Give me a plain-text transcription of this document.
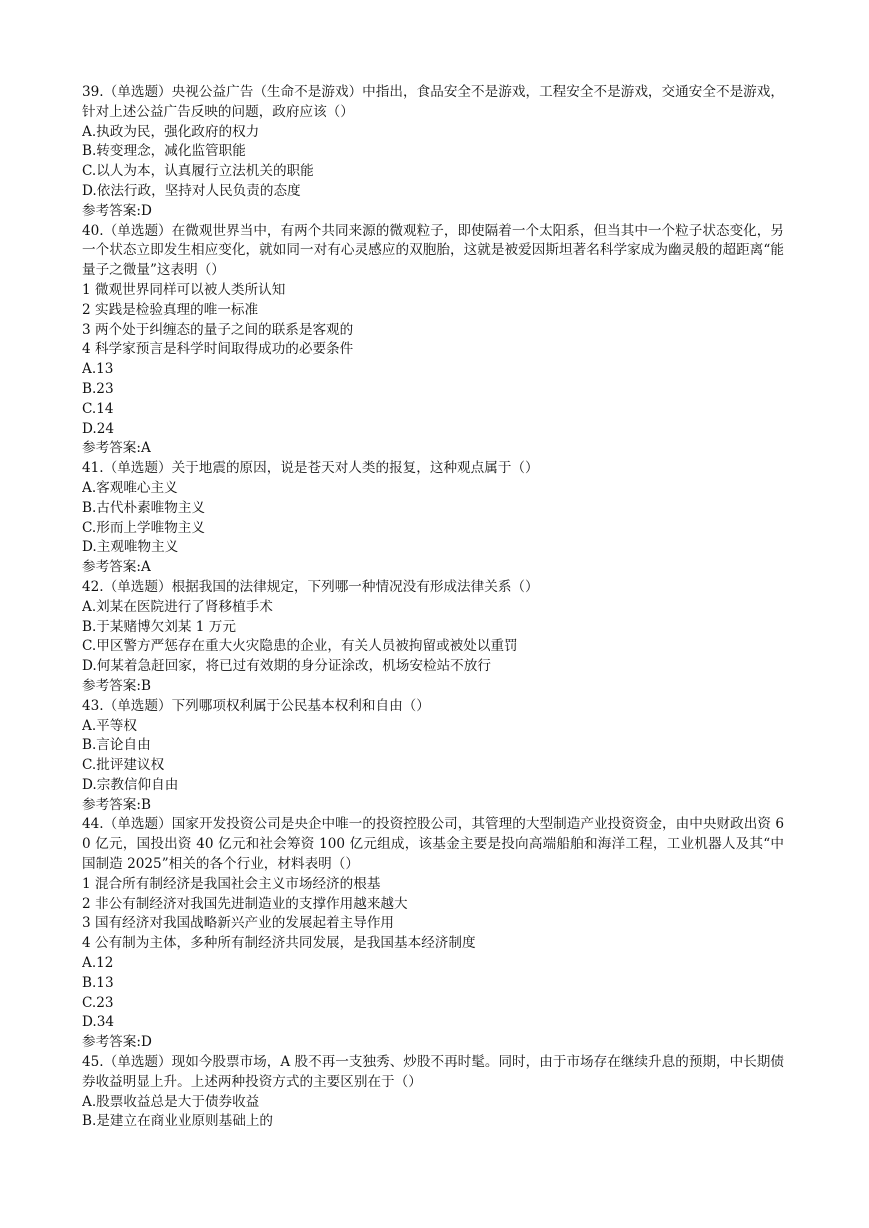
39.（单选题）央视公益广告（生命不是游戏）中指出，食品安全不是游戏，工程安全不是游戏，交通安全不是游戏，针对上述公益广告反映的问题，政府应该（）
A.执政为民，强化政府的权力
B.转变理念，减化监管职能
C.以人为本，认真履行立法机关的职能
D.依法行政，坚持对人民负责的态度
参考答案:D
40.（单选题）在微观世界当中，有两个共同来源的微观粒子，即使隔着一个太阳系，但当其中一个粒子状态变化，另一个状态立即发生相应变化，就如同一对有心灵感应的双胞胎，这就是被爱因斯坦著名科学家成为幽灵般的超距离“能量子之微量”这表明（）
1 微观世界同样可以被人类所认知
2 实践是检验真理的唯一标准
3 两个处于纠缠态的量子之间的联系是客观的
4 科学家预言是科学时间取得成功的必要条件
A.13
B.23
C.14
D.24
参考答案:A
41.（单选题）关于地震的原因，说是苍天对人类的报复，这种观点属于（）
A.客观唯心主义
B.古代朴素唯物主义
C.形而上学唯物主义
D.主观唯物主义
参考答案:A
42.（单选题）根据我国的法律规定，下列哪一种情况没有形成法律关系（）
A.刘某在医院进行了肾移植手术
B.于某赌博欠刘某 1 万元
C.甲区警方严惩存在重大火灾隐患的企业，有关人员被拘留或被处以重罚
D.何某着急赶回家，将已过有效期的身分证涂改，机场安检站不放行
参考答案:B
43.（单选题）下列哪项权利属于公民基本权利和自由（）
A.平等权
B.言论自由
C.批评建议权
D.宗教信仰自由
参考答案:B
44.（单选题）国家开发投资公司是央企中唯一的投资控股公司，其管理的大型制造产业投资资金，由中央财政出资 60 亿元，国投出资 40 亿元和社会筹资 100 亿元组成，该基金主要是投向高端船舶和海洋工程，工业机器人及其“中国制造 2025”相关的各个行业，材料表明（）
1 混合所有制经济是我国社会主义市场经济的根基
2 非公有制经济对我国先进制造业的支撑作用越来越大
3 国有经济对我国战略新兴产业的发展起着主导作用
4 公有制为主体，多种所有制经济共同发展，是我国基本经济制度
A.12
B.13
C.23
D.34
参考答案:D
45.（单选题）现如今股票市场，A 股不再一支独秀、炒股不再时髦。同时，由于市场存在继续升息的预期，中长期债券收益明显上升。上述两种投资方式的主要区别在于（）
A.股票收益总是大于债券收益
B.是建立在商业业原则基础上的
